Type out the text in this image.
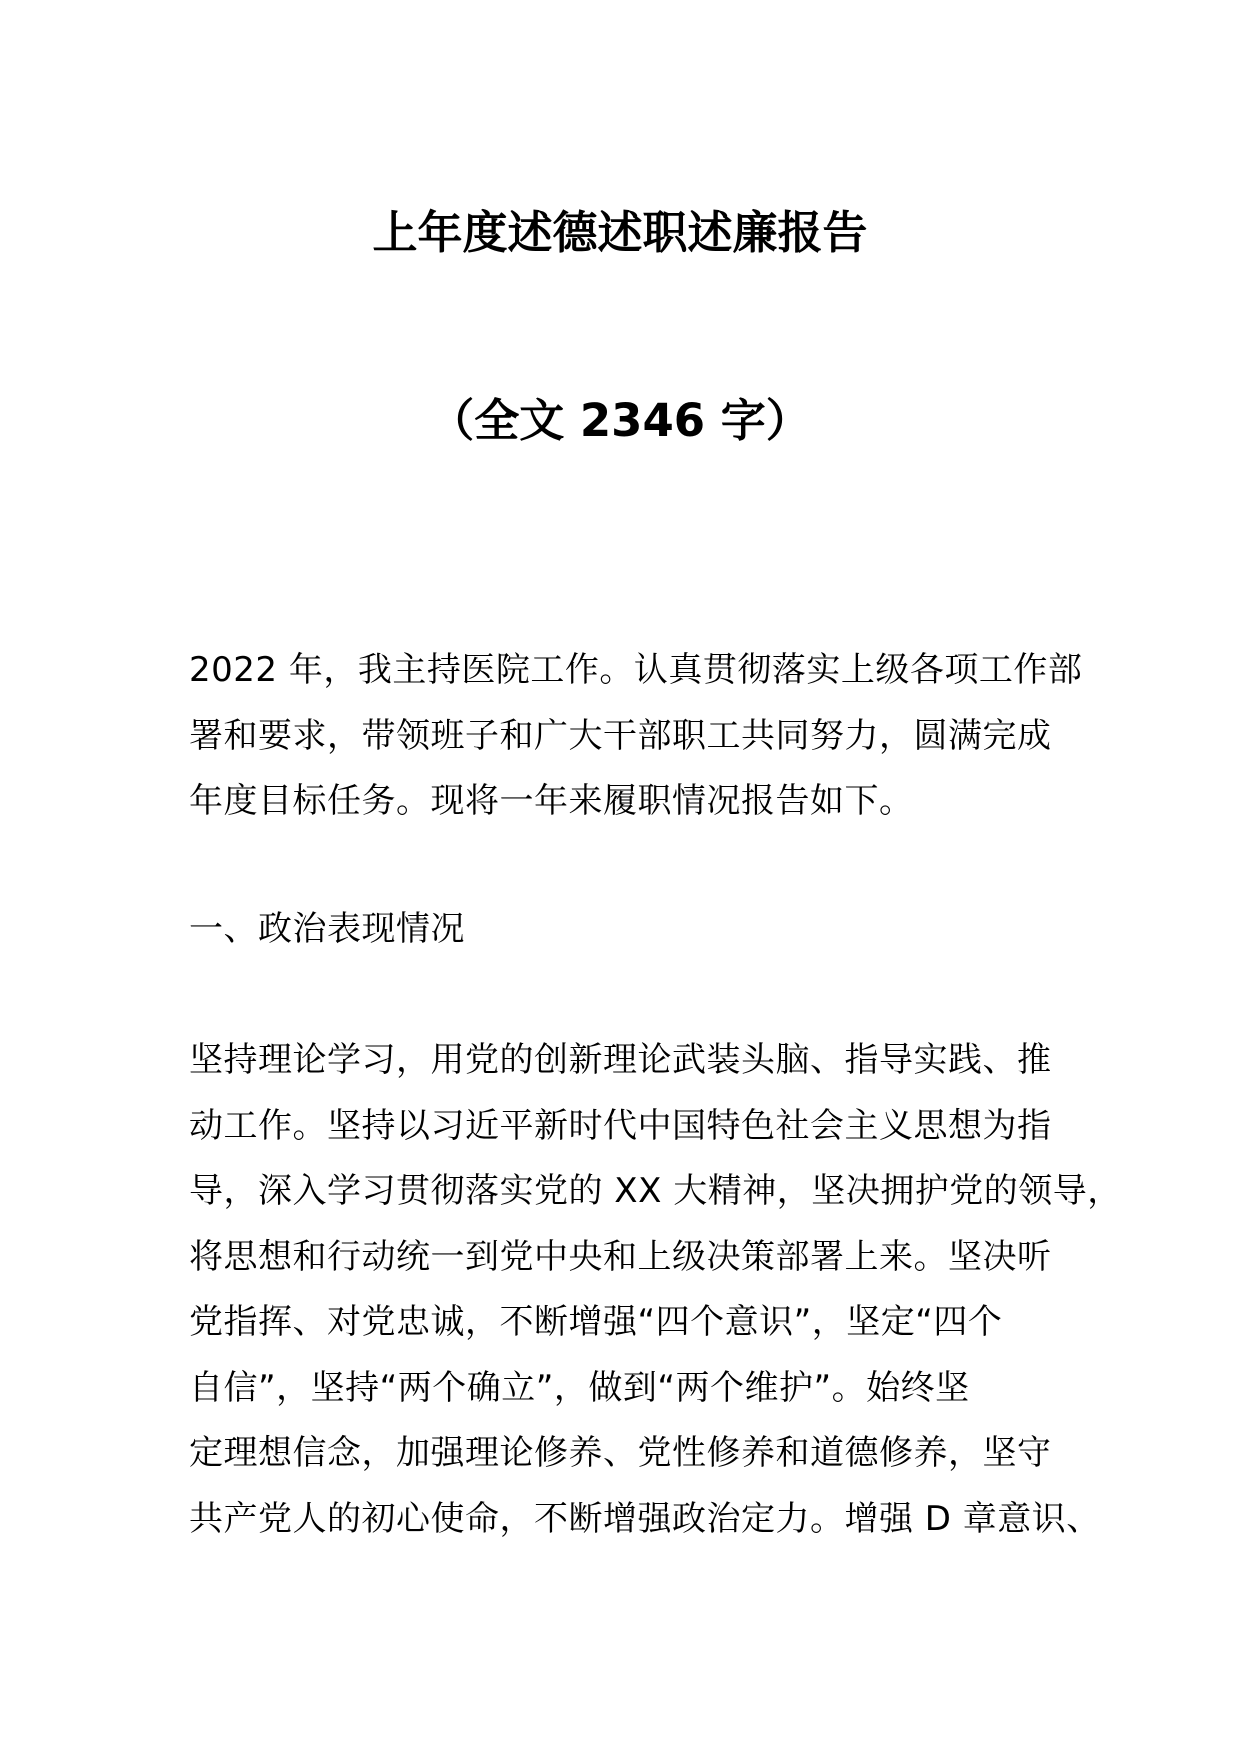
上年度述德述职述廉报告
（全文 2346 字）
2022 年，我主持医院工作。认真贯彻落实上级各项工作部
署和要求，带领班子和广大干部职工共同努力，圆满完成
年度目标任务。现将一年来履职情况报告如下。
一、政治表现情况
坚持理论学习，用党的创新理论武装头脑、指导实践、推
动工作。坚持以习近平新时代中国特色社会主义思想为指
导，深入学习贯彻落实党的 XX 大精神，坚决拥护党的领导，
将思想和行动统一到党中央和上级决策部署上来。坚决听
党指挥、对党忠诚，不断增强“四个意识”，坚定“四个
自信”，坚持“两个确立”，做到“两个维护”。始终坚
定理想信念，加强理论修养、党性修养和道德修养，坚守
共产党人的初心使命，不断增强政治定力。增强 D 章意识、
